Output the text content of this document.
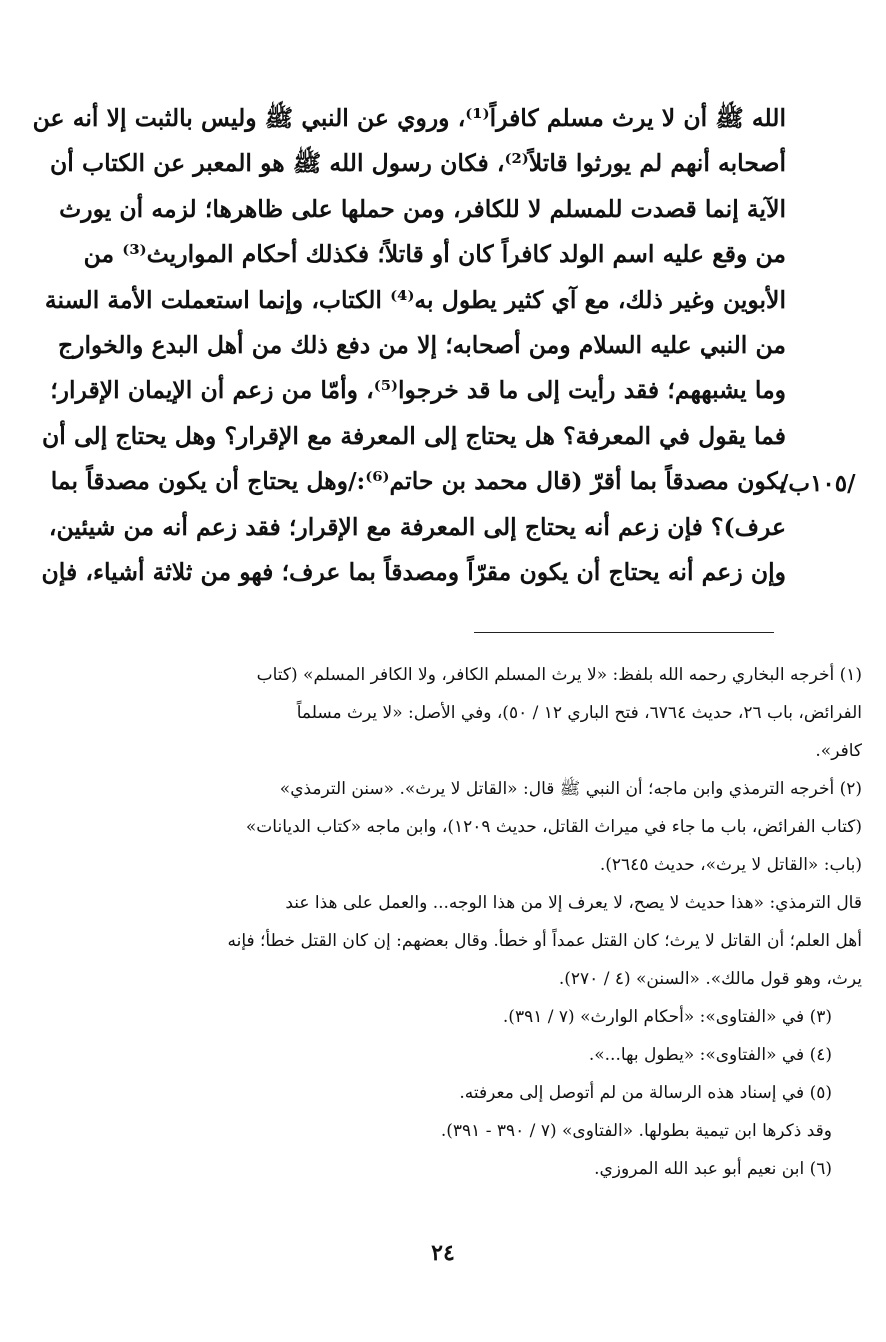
الله ﷺ أن لا يرث مسلم كافراً⁽¹⁾، وروي عن النبي ﷺ وليس بالثبت إلا أنه عن
أصحابه أنهم لم يورثوا قاتلاً⁽²⁾، فكان رسول الله ﷺ هو المعبر عن الكتاب أن
الآية إنما قصدت للمسلم لا للكافر، ومن حملها على ظاهرها؛ لزمه أن يورث
من وقع عليه اسم الولد كافراً كان أو قاتلاً؛ فكذلك أحكام المواريث⁽³⁾ من
الأبوين وغير ذلك، مع آي كثير يطول به⁽⁴⁾ الكتاب، وإنما استعملت الأمة السنة
من النبي عليه السلام ومن أصحابه؛ إلا من دفع ذلك من أهل البدع والخوارج
وما يشبههم؛ فقد رأيت إلى ما قد خرجوا⁽⁵⁾، وأمّا من زعم أن الإيمان الإقرار؛
فما يقول في المعرفة؟ هل يحتاج إلى المعرفة مع الإقرار؟ وهل يحتاج إلى أن
يكون مصدقاً بما أقرّ (قال محمد بن حاتم⁽⁶⁾:/وهل يحتاج أن يكون مصدقاً بما
عرف)؟ فإن زعم أنه يحتاج إلى المعرفة مع الإقرار؛ فقد زعم أنه من شيئين،
وإن زعم أنه يحتاج أن يكون مقرّاً ومصدقاً بما عرف؛ فهو من ثلاثة أشياء، فإن
/١٠٥ب/
(١) أخرجه البخاري رحمه الله بلفظ: «لا يرث المسلم الكافر، ولا الكافر المسلم» (كتاب
الفرائض، باب ٢٦، حديث ٦٧٦٤، فتح الباري ١٢ / ٥٠)، وفي الأصل: «لا يرث مسلماً
كافر».
(٢) أخرجه الترمذي وابن ماجه؛ أن النبي ﷺ قال: «القاتل لا يرث». «سنن الترمذي»
(كتاب الفرائض، باب ما جاء في ميراث القاتل، حديث ١٢٠٩)، وابن ماجه «كتاب الديانات»
(باب: «القاتل لا يرث»، حديث ٢٦٤٥).
قال الترمذي: «هذا حديث لا يصح، لا يعرف إلا من هذا الوجه... والعمل على هذا عند
أهل العلم؛ أن القاتل لا يرث؛ كان القتل عمداً أو خطأ. وقال بعضهم: إن كان القتل خطأ؛ فإنه
يرث، وهو قول مالك». «السنن» (٤ / ٢٧٠).
(٣) في «الفتاوى»: «أحكام الوارث» (٧ / ٣٩١).
(٤) في «الفتاوى»: «يطول بها...».
(٥) في إسناد هذه الرسالة من لم أتوصل إلى معرفته.
وقد ذكرها ابن تيمية بطولها. «الفتاوى» (٧ / ٣٩٠ - ٣٩١).
(٦) ابن نعيم أبو عبد الله المروزي.
٢٤
